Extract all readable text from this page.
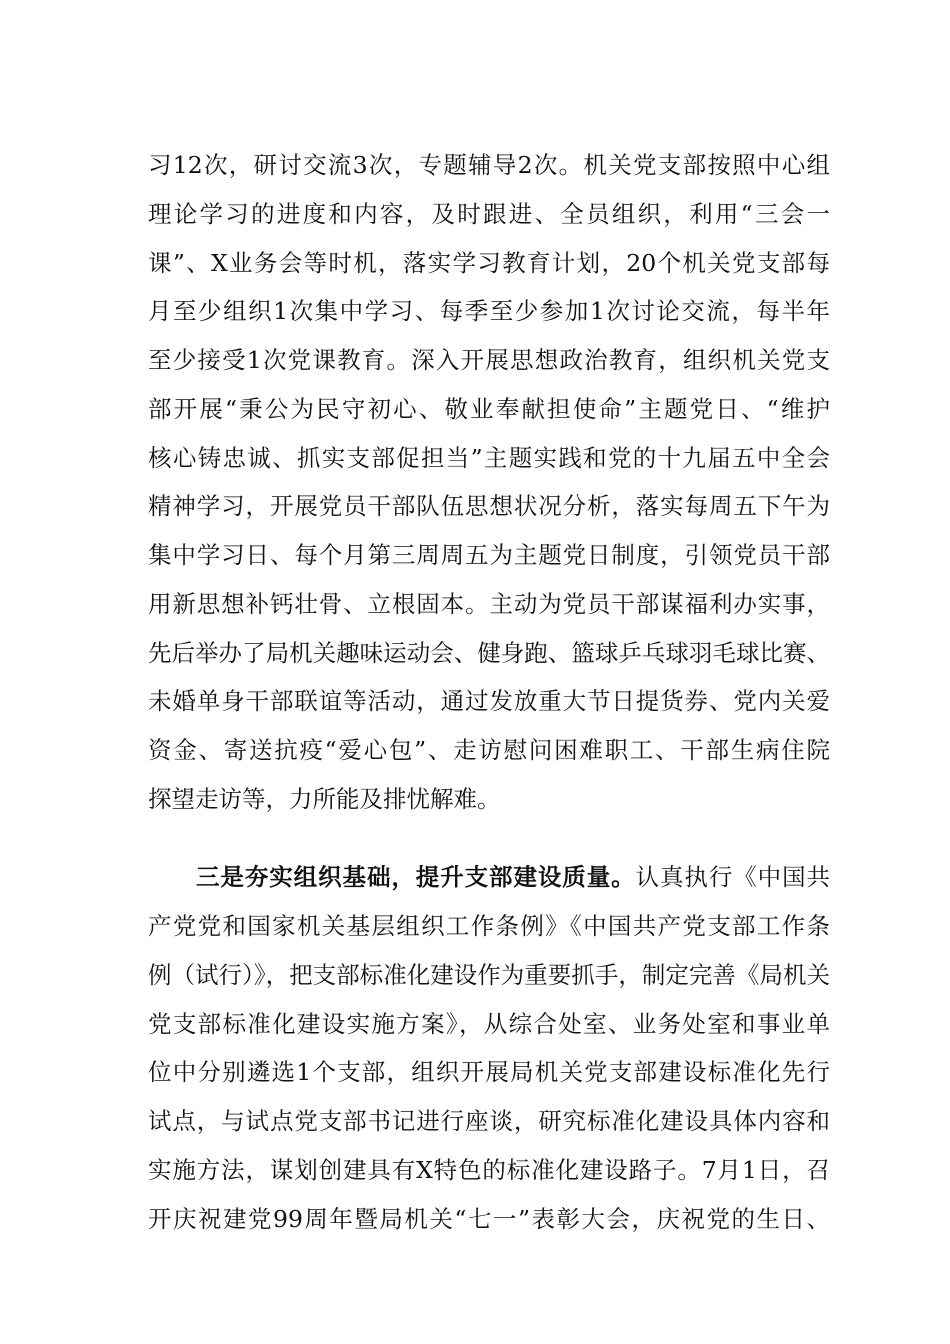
习12次，研讨交流3次，专题辅导2次。机关党支部按照中心组
理论学习的进度和内容，及时跟进、全员组织，利用“三会一
课”、X业务会等时机，落实学习教育计划，20个机关党支部每
月至少组织1次集中学习、每季至少参加1次讨论交流，每半年
至少接受1次党课教育。深入开展思想政治教育，组织机关党支
部开展“秉公为民守初心、敬业奉献担使命”主题党日、“维护
核心铸忠诚、抓实支部促担当”主题实践和党的十九届五中全会
精神学习，开展党员干部队伍思想状况分析，落实每周五下午为
集中学习日、每个月第三周周五为主题党日制度，引领党员干部
用新思想补钙壮骨、立根固本。主动为党员干部谋福利办实事，
先后举办了局机关趣味运动会、健身跑、篮球乒乓球羽毛球比赛、
未婚单身干部联谊等活动，通过发放重大节日提货券、党内关爱
资金、寄送抗疫“爱心包”、走访慰问困难职工、干部生病住院
探望走访等，力所能及排忧解难。
三是夯实组织基础，提升支部建设质量。认真执行《中国共
产党党和国家机关基层组织工作条例》《中国共产党支部工作条
例（试行）》，把支部标准化建设作为重要抓手，制定完善《局机关
党支部标准化建设实施方案》，从综合处室、业务处室和事业单
位中分别遴选1个支部，组织开展局机关党支部建设标准化先行
试点，与试点党支部书记进行座谈，研究标准化建设具体内容和
实施方法，谋划创建具有X特色的标准化建设路子。7月1日，召
开庆祝建党99周年暨局机关“七一”表彰大会，庆祝党的生日、
